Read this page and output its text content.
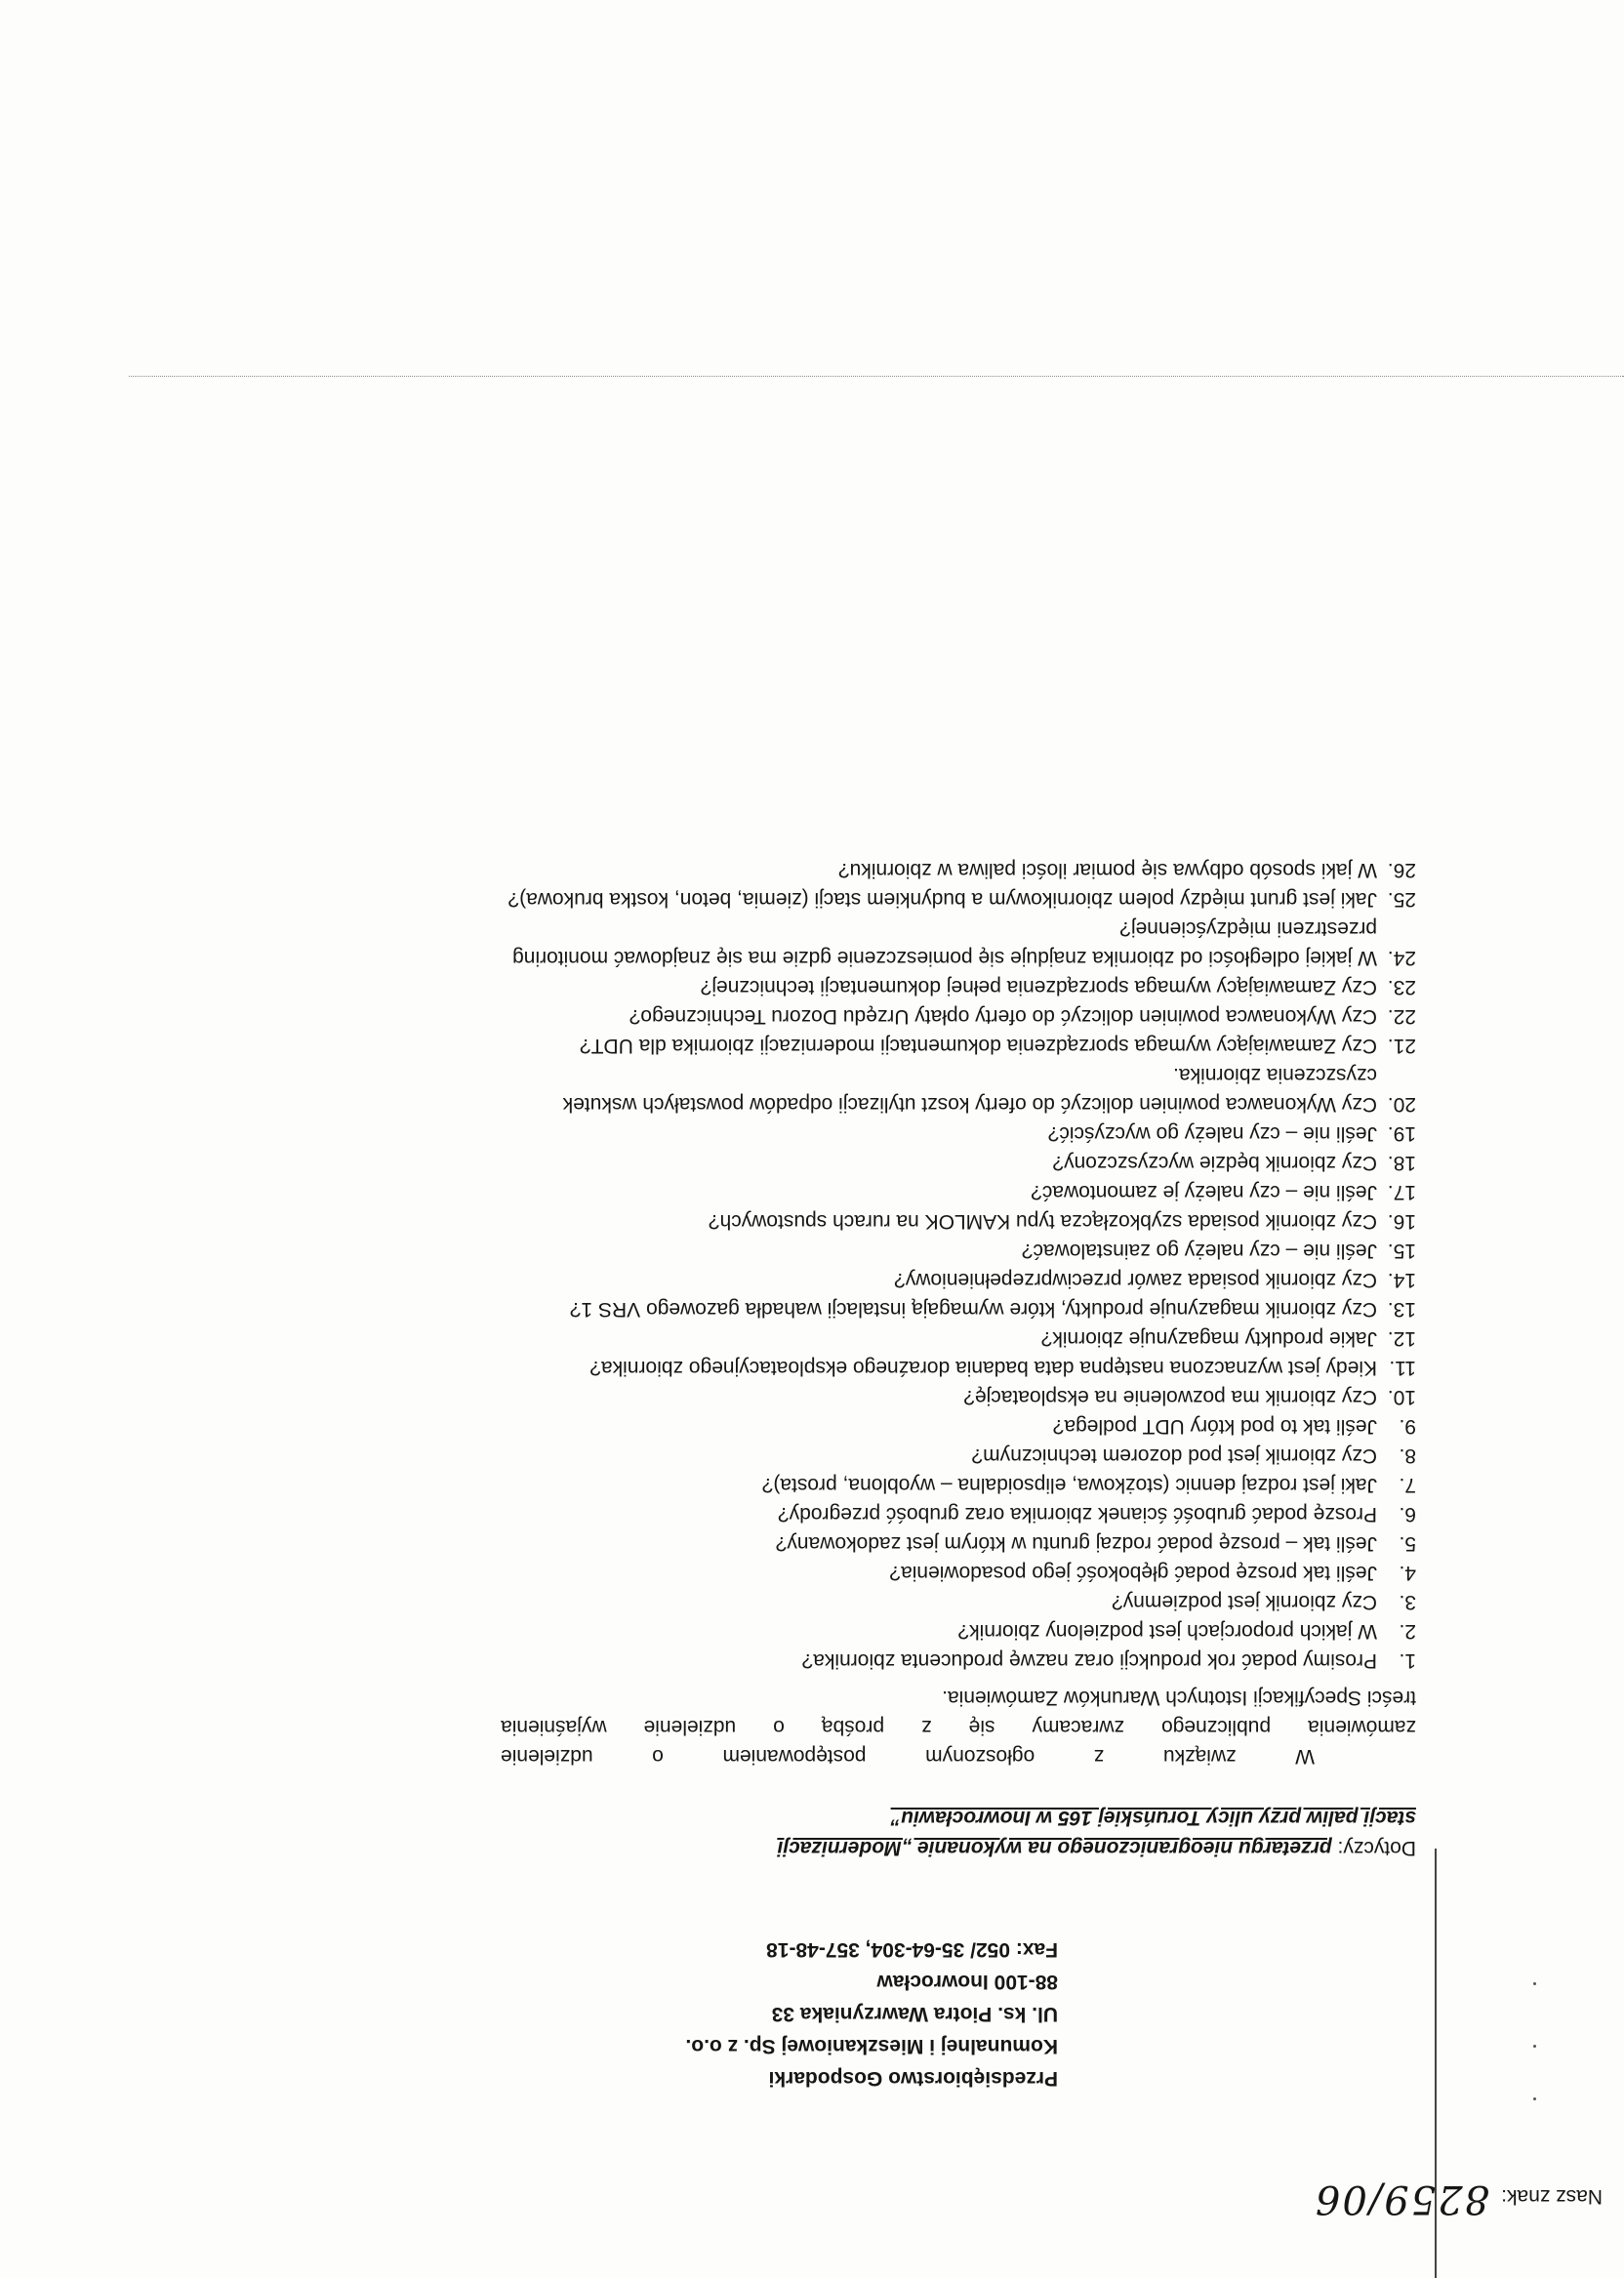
Nasz znak:8259/06
Przedsiębiorstwo Gospodarki
Komunalnej i Mieszkaniowej Sp. z o.o.
Ul. ks. Piotra Wawrzyniaka 33
88-100 Inowrocław
Fax: 052/ 35-64-304, 357-48-18
Dotyczy: przetargu nieograniczonego na wykonanie „Modernizacji
stacji paliw przy ulicy Toruńskiej 165 w Inowrocławiu”
W związku z ogłoszonym postępowaniem o udzielenie
zamówienia publicznego zwracamy się z prośbą o udzielenie wyjaśnienia
treści Specyfikacji Istotnych Warunków Zamówienia.
1.
Prosimy podać rok produkcji oraz nazwę producenta zbiornika?
2.
W jakich proporcjach jest podzielony zbiornik?
3.
Czy zbiornik jest podziemny?
4.
Jeśli tak proszę podać głębokość jego posadowienia?
5.
Jeśli tak – proszę podać rodzaj gruntu w którym jest zadokowany?
6.
Proszę podać grubość ścianek zbiornika oraz grubość przegrody?
7.
Jaki jest rodzaj dennic (stożkowa, elipsoidalna – wyoblona, prosta)?
8.
Czy zbiornik jest pod dozorem technicznym?
9.
Jeśli tak to pod który UDT podlega?
10.
Czy zbiornik ma pozwolenie na eksploatację?
11.
Kiedy jest wyznaczona następna data badania doraźnego eksploatacyjnego zbiornika?
12.
Jakie produkty magazynuje zbiornik?
13.
Czy zbiornik magazynuje produkty, które wymagają instalacji wahadła gazowego VRS 1?
14.
Czy zbiornik posiada zawór przeciwprzepełnieniowy?
15.
Jeśli nie – czy należy go zainstalować?
16.
Czy zbiornik posiada szybkozłącza typu KAMLOK na rurach spustowych?
17.
Jeśli nie – czy należy je zamontować?
18.
Czy zbiornik będzie wyczyszczony?
19.
Jeśli nie – czy należy go wyczyścić?
20.
Czy Wykonawca powinien doliczyć do oferty koszt utylizacji odpadów powstałych wskutek czyszczenia zbiornika.
21.
Czy Zamawiający wymaga sporządzenia dokumentacji modernizacji zbiornika dla UDT?
22.
Czy Wykonawca powinien doliczyć do oferty opłaty Urzędu Dozoru Technicznego?
23.
Czy Zamawiający wymaga sporządzenia pełnej dokumentacji technicznej?
24.
W jakiej odległości od zbiornika znajduje się pomieszczenie gdzie ma się znajdować monitoring przestrzeni międzyściennej?
25.
Jaki jest grunt między polem zbiornikowym a budynkiem stacji (ziemia, beton, kostka brukowa)?
26.
W jaki sposób odbywa się pomiar ilości paliwa w zbiorniku?
